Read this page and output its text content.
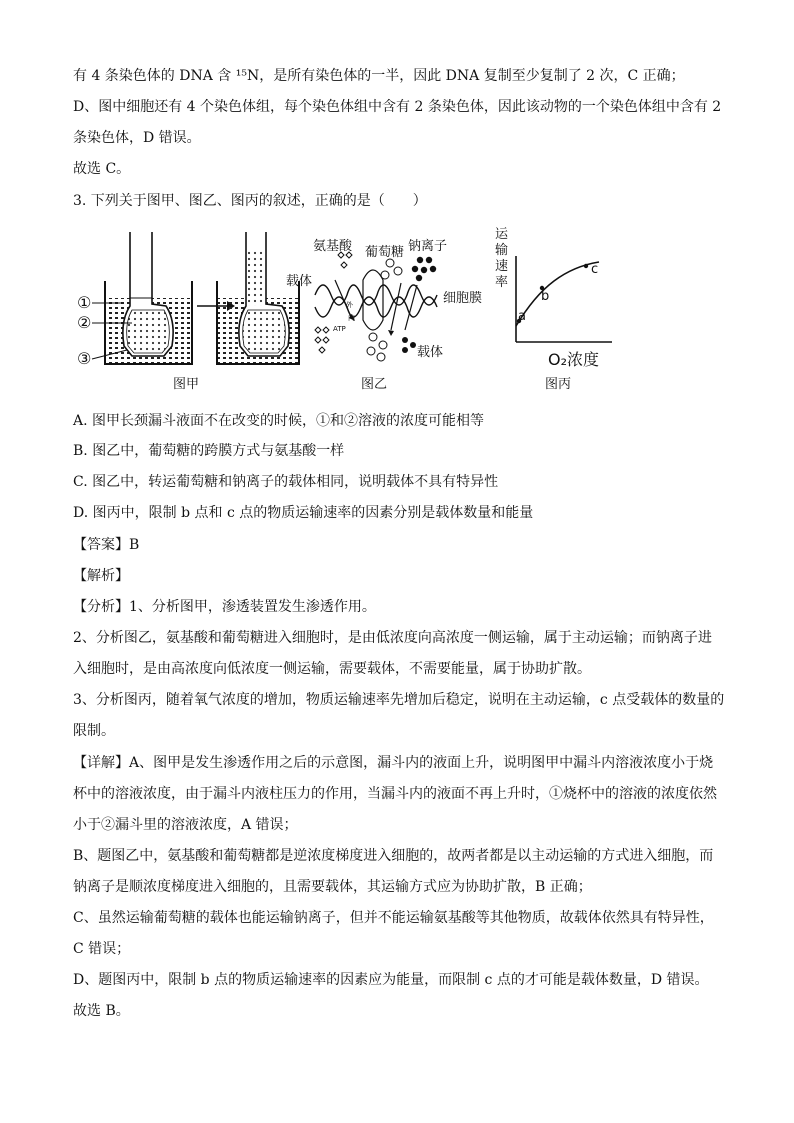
有 4 条染色体的 DNA 含 ¹⁵N，是所有染色体的一半，因此 DNA 复制至少复制了 2 次，C 正确；
D、图中细胞还有 4 个染色体组，每个染色体组中含有 2 条染色体，因此该动物的一个染色体组中含有 2
条染色体，D 错误。
故选 C。
3. 下列关于图甲、图乙、图丙的叙述，正确的是（　　）
①
②
③
图甲
氨基酸 葡萄糖 钠离子
载体
细胞膜
外
内
ATP
载体
图乙
运
输
速
率
a
b
c
O₂浓度
图丙
A. 图甲长颈漏斗液面不在改变的时候，①和②溶液的浓度可能相等
B. 图乙中，葡萄糖的跨膜方式与氨基酸一样
C. 图乙中，转运葡萄糖和钠离子的载体相同，说明载体不具有特异性
D. 图丙中，限制 b 点和 c 点的物质运输速率的因素分别是载体数量和能量
【答案】B
【解析】
【分析】1、分析图甲，渗透装置发生渗透作用。
2、分析图乙，氨基酸和葡萄糖进入细胞时，是由低浓度向高浓度一侧运输，属于主动运输；而钠离子进
入细胞时，是由高浓度向低浓度一侧运输，需要载体，不需要能量，属于协助扩散。
3、分析图丙，随着氧气浓度的增加，物质运输速率先增加后稳定，说明在主动运输，c 点受载体的数量的
限制。
【详解】A、图甲是发生渗透作用之后的示意图，漏斗内的液面上升，说明图甲中漏斗内溶液浓度小于烧
杯中的溶液浓度，由于漏斗内液柱压力的作用，当漏斗内的液面不再上升时，①烧杯中的溶液的浓度依然
小于②漏斗里的溶液浓度，A 错误；
B、题图乙中，氨基酸和葡萄糖都是逆浓度梯度进入细胞的，故两者都是以主动运输的方式进入细胞，而
钠离子是顺浓度梯度进入细胞的，且需要载体，其运输方式应为协助扩散，B 正确；
C、虽然运输葡萄糖的载体也能运输钠离子，但并不能运输氨基酸等其他物质，故载体依然具有特异性，
C 错误；
D、题图丙中，限制 b 点的物质运输速率的因素应为能量，而限制 c 点的才可能是载体数量，D 错误。
故选 B。
